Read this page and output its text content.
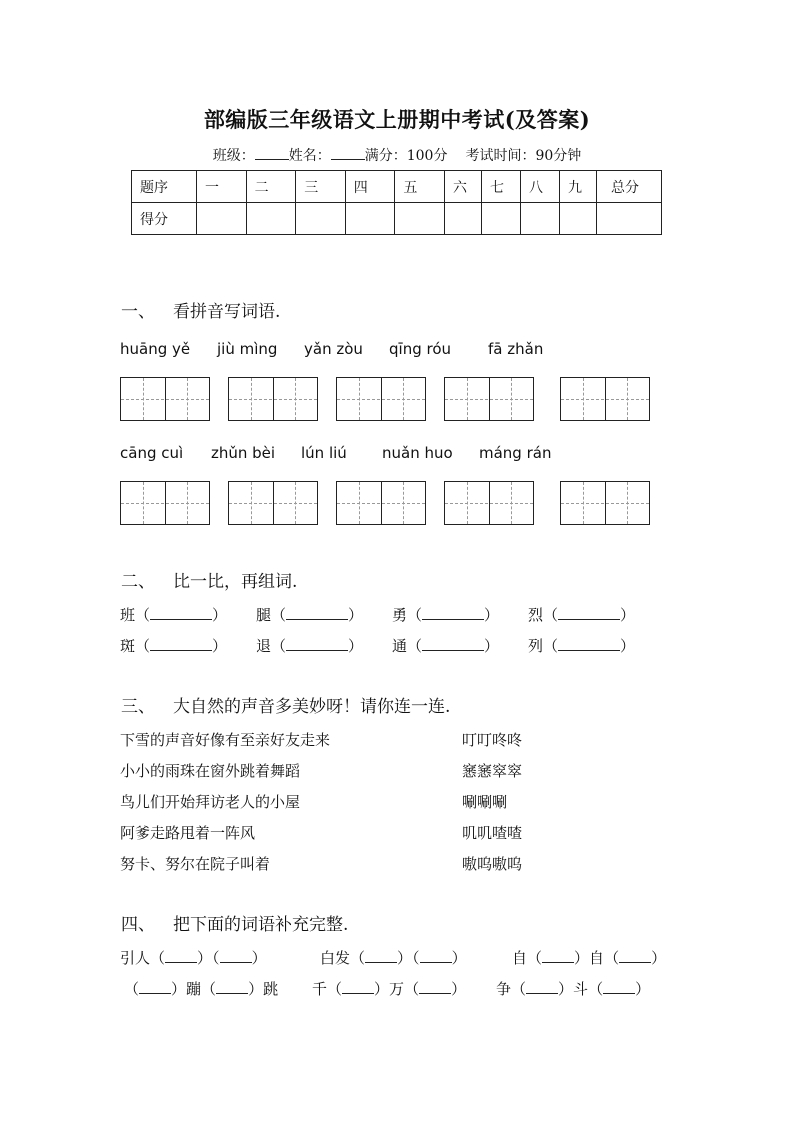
部编版三年级语文上册期中考试(及答案)
班级： 姓名： 满分：100分 考试时间：90分钟
题序	一	二	三	四	五	六	七	八	九	总分
得分										
一、 看拼音写词语.
huāng yě jiù mìng yǎn zòu qīng róu fā zhǎn
cāng cuì zhǔn bèi lún liú nuǎn huo máng rán
二、 比一比，再组词.
班（	） 腿（	） 勇（	） 烈（	）
斑（	） 退（	） 通（	） 列（	）
三、 大自然的声音多美妙呀！请你连一连.
下雪的声音好像有至亲好友走来
小小的雨珠在窗外跳着舞蹈
鸟儿们开始拜访老人的小屋
阿爹走路甩着一阵风
努卡、努尔在院子叫着
叮叮咚咚
窸窸窣窣
唰唰唰
叽叽喳喳
嗷呜嗷呜
四、 把下面的词语补充完整.
引人（ ）（ ）	白发（ ）（ ）	自（ ）自（ ）
（ ）蹦（ ）跳 千（ ）万（ ） 争（ ）斗（ ）
